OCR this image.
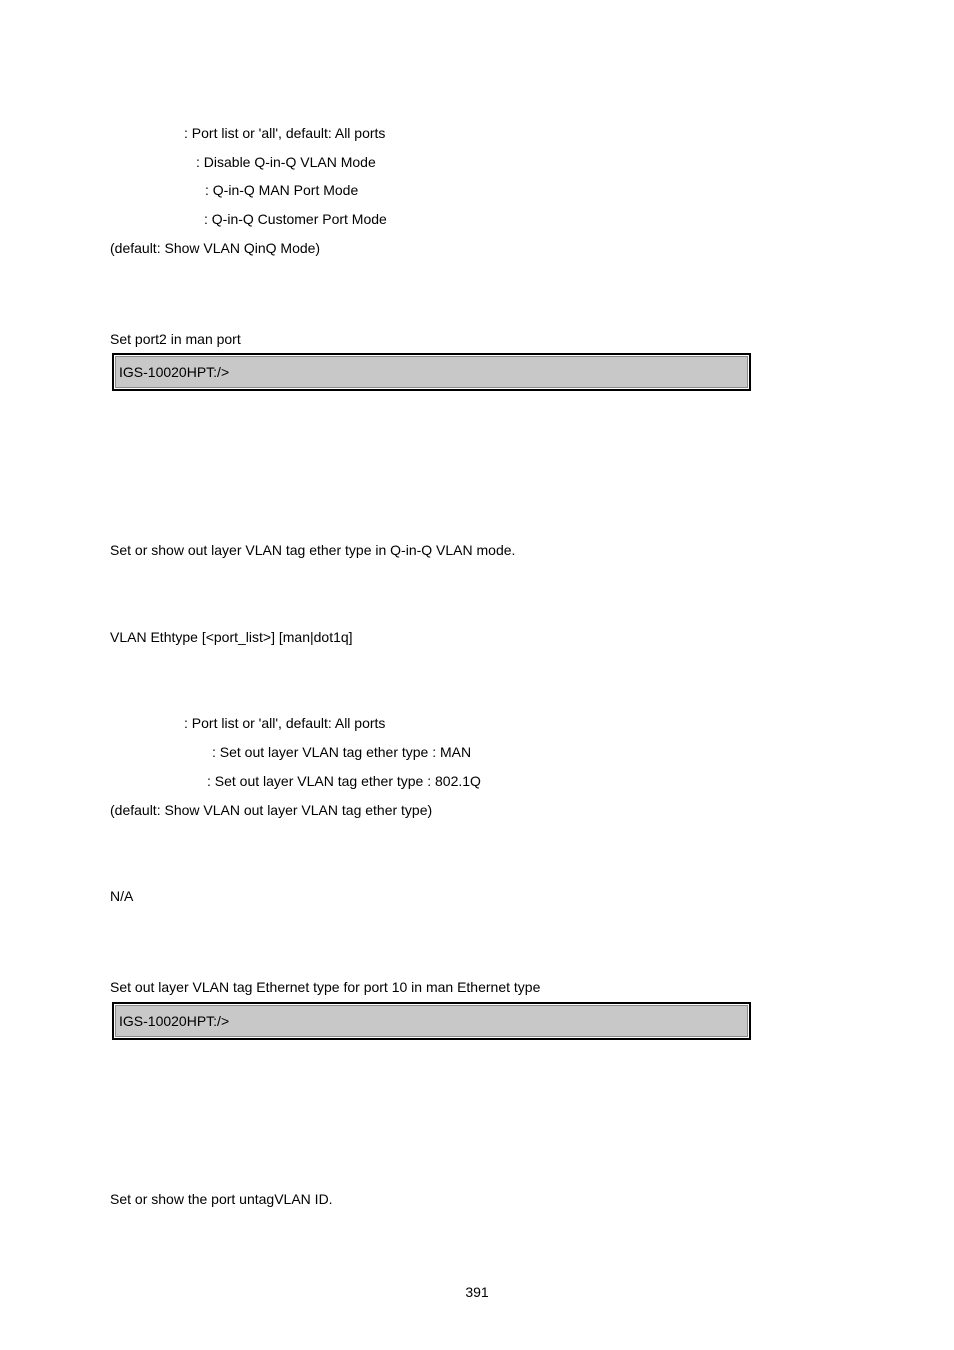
: Port list or 'all', default: All ports
: Disable Q-in-Q VLAN Mode
: Q-in-Q MAN Port Mode
: Q-in-Q Customer Port Mode
(default: Show VLAN QinQ Mode)
Set port2 in man port
IGS-10020HPT:/>
Set or show out layer VLAN tag ether type in Q-in-Q VLAN mode.
VLAN Ethtype [<port_list>] [man|dot1q]
: Port list or 'all', default: All ports
: Set out layer VLAN tag ether type : MAN
: Set out layer VLAN tag ether type : 802.1Q
(default: Show VLAN out layer VLAN tag ether type)
N/A
Set out layer VLAN tag Ethernet type for port 10 in man Ethernet type
IGS-10020HPT:/>
Set or show the port untagVLAN ID.
391
